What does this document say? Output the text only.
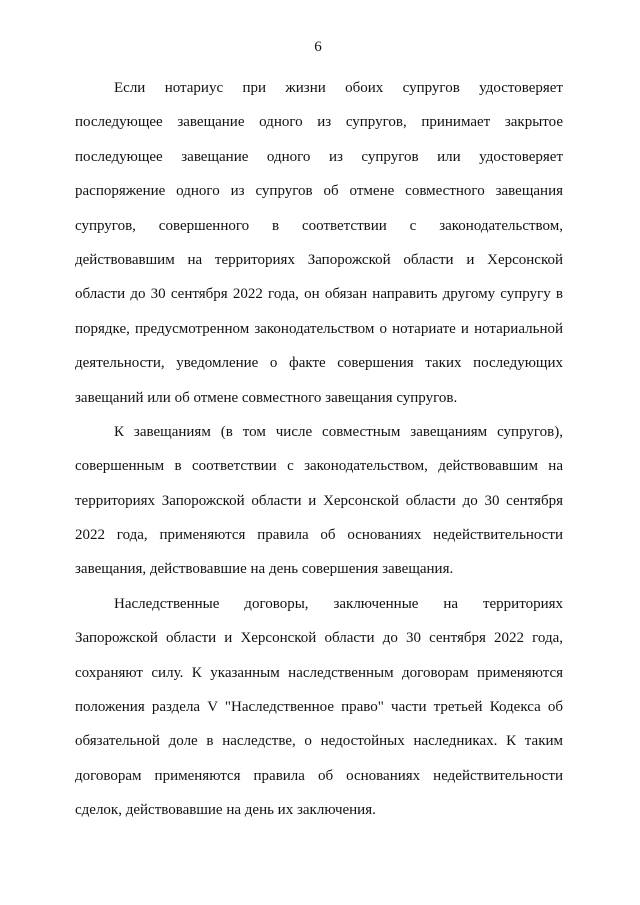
6
Если нотариус при жизни обоих супругов удостоверяет
последующее завещание одного из супругов, принимает закрытое
последующее завещание одного из супругов или удостоверяет
распоряжение одного из супругов об отмене совместного завещания
супругов, совершенного в соответствии с законодательством,
действовавшим на территориях Запорожской области и Херсонской
области до 30 сентября 2022 года, он обязан направить другому супругу в
порядке, предусмотренном законодательством о нотариате и нотариальной
деятельности, уведомление о факте совершения таких последующих
завещаний или об отмене совместного завещания супругов.
К завещаниям (в том числе совместным завещаниям супругов),
совершенным в соответствии с законодательством, действовавшим на
территориях Запорожской области и Херсонской области до 30 сентября
2022 года, применяются правила об основаниях недействительности
завещания, действовавшие на день совершения завещания.
Наследственные договоры, заключенные на территориях
Запорожской области и Херсонской области до 30 сентября 2022 года,
сохраняют силу. К указанным наследственным договорам применяются
положения раздела V "Наследственное право" части третьей Кодекса об
обязательной доле в наследстве, о недостойных наследниках. К таким
договорам применяются правила об основаниях недействительности
сделок, действовавшие на день их заключения.
